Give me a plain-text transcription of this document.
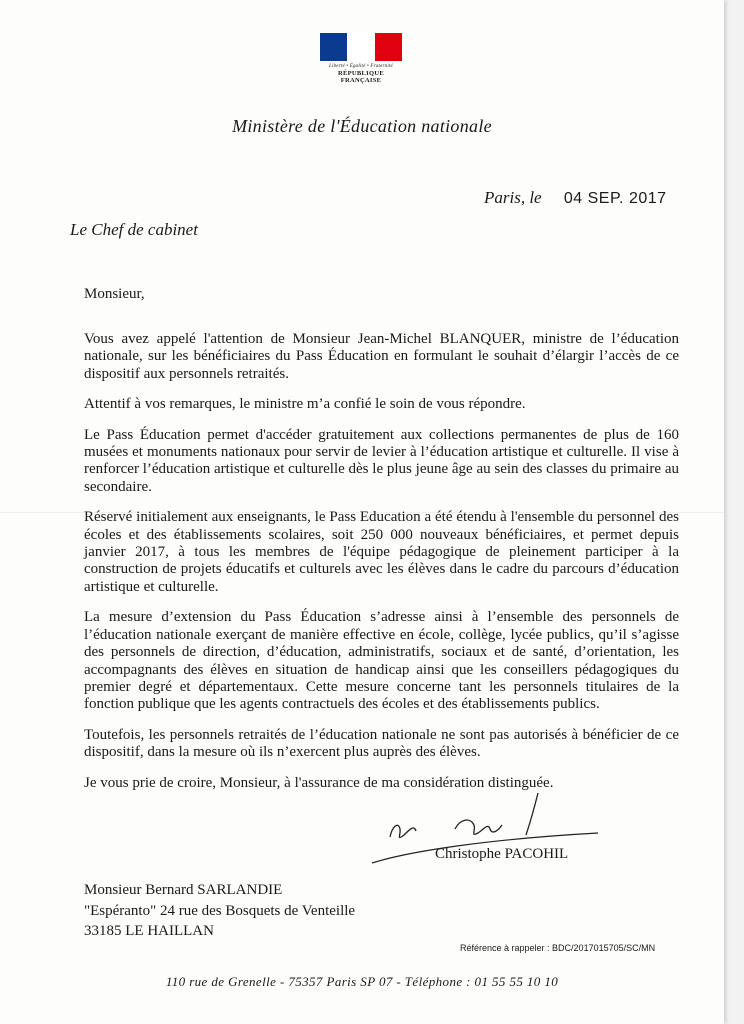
Liberté • Égalité • Fraternité
RÉPUBLIQUE FRANÇAISE
Ministère de l'Éducation nationale
Paris, le 04 SEP. 2017
Le Chef de cabinet
Monsieur,

Vous avez appelé l'attention de Monsieur Jean-Michel BLANQUER, ministre de l’éducation nationale, sur les bénéficiaires du Pass Éducation en formulant le souhait d’élargir l’accès de ce dispositif aux personnels retraités.

Attentif à vos remarques, le ministre m’a confié le soin de vous répondre.

Le Pass Éducation permet d'accéder gratuitement aux collections permanentes de plus de 160 musées et monuments nationaux pour servir de levier à l’éducation artistique et culturelle. Il vise à renforcer l’éducation artistique et culturelle dès le plus jeune âge au sein des classes du primaire au secondaire.

Réservé initialement aux enseignants, le Pass Education a été étendu à l'ensemble du personnel des écoles et des établissements scolaires, soit 250 000 nouveaux bénéficiaires, et permet depuis janvier 2017, à tous les membres de l'équipe pédagogique de pleinement participer à la construction de projets éducatifs et culturels avec les élèves dans le cadre du parcours d’éducation artistique et culturelle.

La mesure d’extension du Pass Éducation s’adresse ainsi à l’ensemble des personnels de l’éducation nationale exerçant de manière effective en école, collège, lycée publics, qu’il s’agisse des personnels de direction, d’éducation, administratifs, sociaux et de santé, d’orientation, les accompagnants des élèves en situation de handicap ainsi que les conseillers pédagogiques du premier degré et départementaux. Cette mesure concerne tant les personnels titulaires de la fonction publique que les agents contractuels des écoles et des établissements publics.

Toutefois, les personnels retraités de l’éducation nationale ne sont pas autorisés à bénéficier de ce dispositif, dans la mesure où ils n’exercent plus auprès des élèves.

Je vous prie de croire, Monsieur, à l'assurance de ma considération distinguée.

Christophe PACOHIL
Monsieur Bernard SARLANDIE
"Espéranto" 24 rue des Bosquets de Venteille
33185 LE HAILLAN
Référence à rappeler : BDC/2017015705/SC/MN
110 rue de Grenelle - 75357 Paris SP 07 - Téléphone : 01 55 55 10 10
